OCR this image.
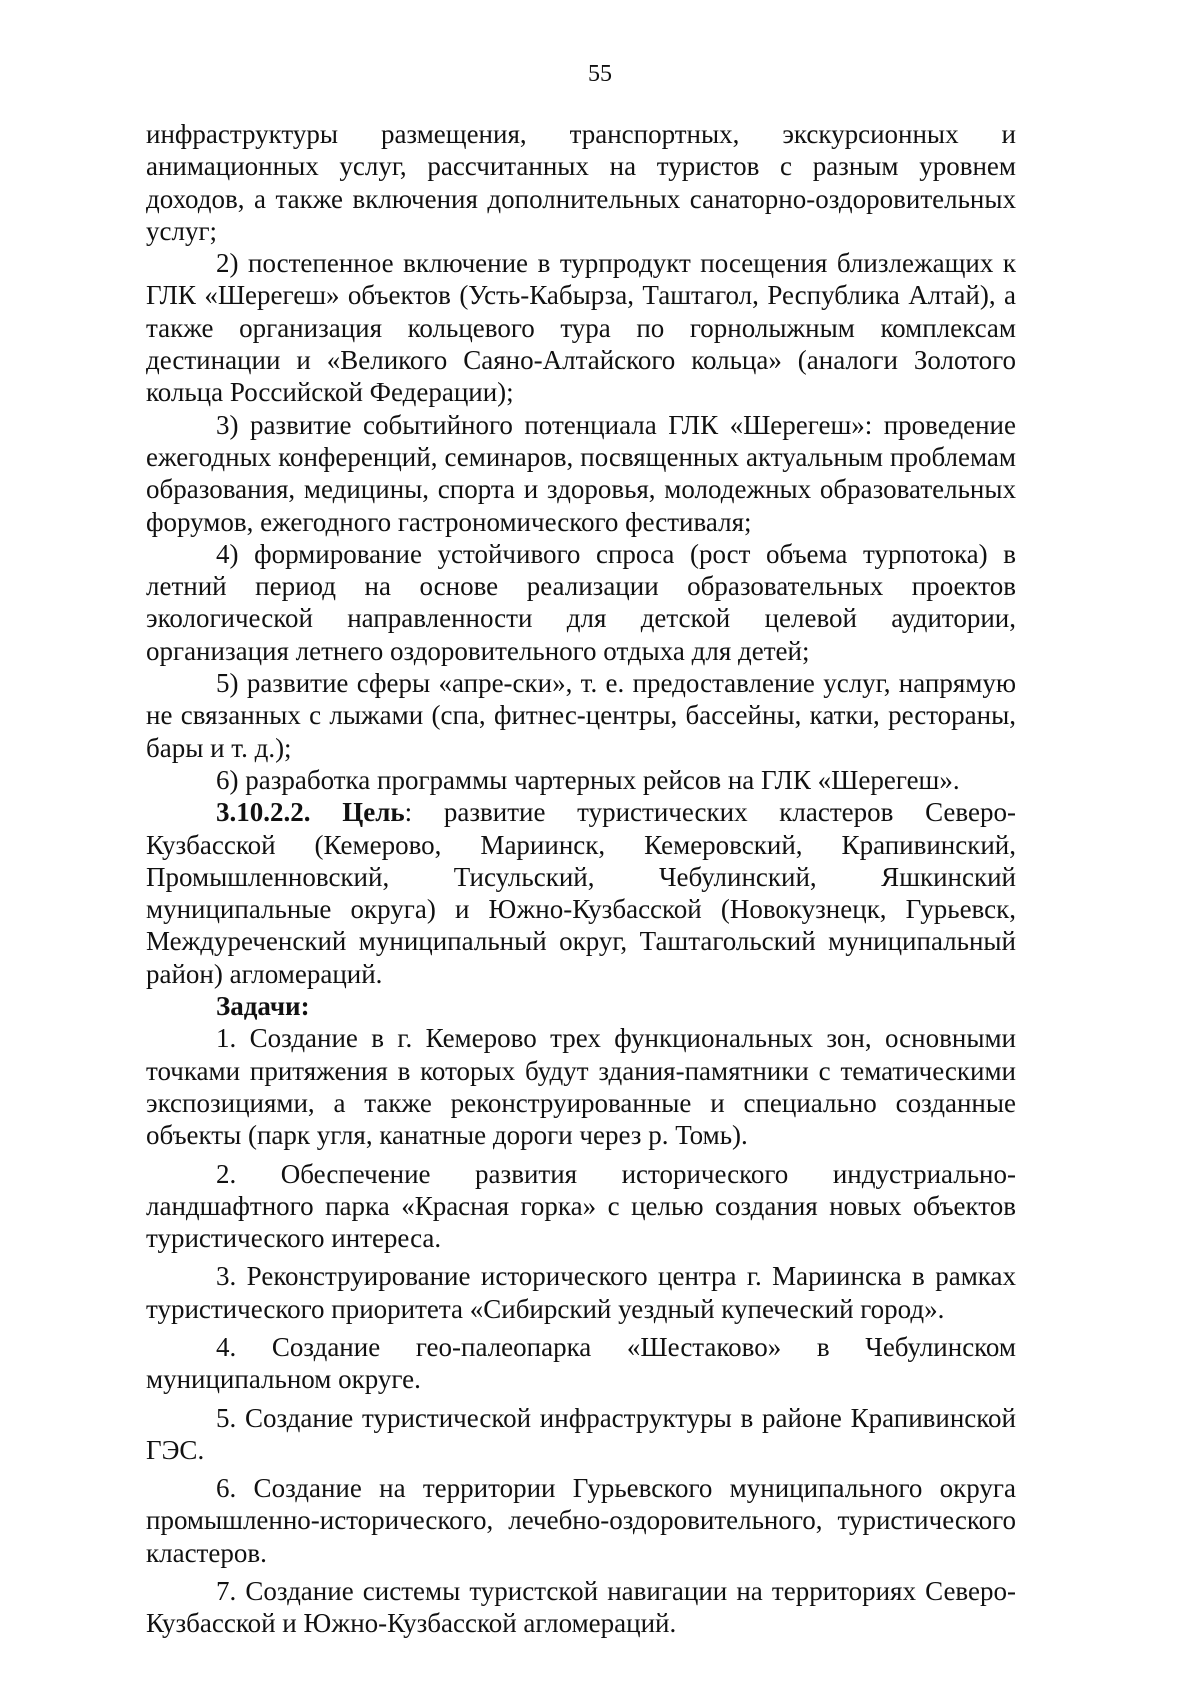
55

инфраструктуры размещения, транспортных, экскурсионных и анимационных услуг, рассчитанных на туристов с разным уровнем доходов, а также включения дополнительных санаторно-оздоровительных услуг;

2) постепенное включение в турпродукт посещения близлежащих к ГЛК «Шерегеш» объектов (Усть-Кабырза, Таштагол, Республика Алтай), а также организация кольцевого тура по горнолыжным комплексам дестинации и «Великого Саяно-Алтайского кольца» (аналоги Золотого кольца Российской Федерации);

3) развитие событийного потенциала ГЛК «Шерегеш»: проведение ежегодных конференций, семинаров, посвященных актуальным проблемам образования, медицины, спорта и здоровья, молодежных образовательных форумов, ежегодного гастрономического фестиваля;

4) формирование устойчивого спроса (рост объема турпотока) в летний период на основе реализации образовательных проектов экологической направленности для детской целевой аудитории, организация летнего оздоровительного отдыха для детей;

5) развитие сферы «апре-ски», т. е. предоставление услуг, напрямую не связанных с лыжами (спа, фитнес-центры, бассейны, катки, рестораны, бары и т. д.);

6) разработка программы чартерных рейсов на ГЛК «Шерегеш».

3.10.2.2. Цель: развитие туристических кластеров Северо-Кузбасской (Кемерово, Мариинск, Кемеровский, Крапивинский, Промышленновский, Тисульский, Чебулинский, Яшкинский муниципальные округа) и Южно-Кузбасской (Новокузнецк, Гурьевск, Междуреченский муниципальный округ, Таштагольский муниципальный район) агломераций.

Задачи:

1. Создание в г. Кемерово трех функциональных зон, основными точками притяжения в которых будут здания-памятники с тематическими экспозициями, а также реконструированные и специально созданные объекты (парк угля, канатные дороги через р. Томь).

2. Обеспечение развития исторического индустриально-ландшафтного парка «Красная горка» с целью создания новых объектов туристического интереса.

3. Реконструирование исторического центра г. Мариинска в рамках туристического приоритета «Сибирский уездный купеческий город».

4. Создание гео-палеопарка «Шестаково» в Чебулинском муниципальном округе.

5. Создание туристической инфраструктуры в районе Крапивинской ГЭС.

6. Создание на территории Гурьевского муниципального округа промышленно-исторического, лечебно-оздоровительного, туристического кластеров.

7. Создание системы туристской навигации на территориях Северо-Кузбасской и Южно-Кузбасской агломераций.
